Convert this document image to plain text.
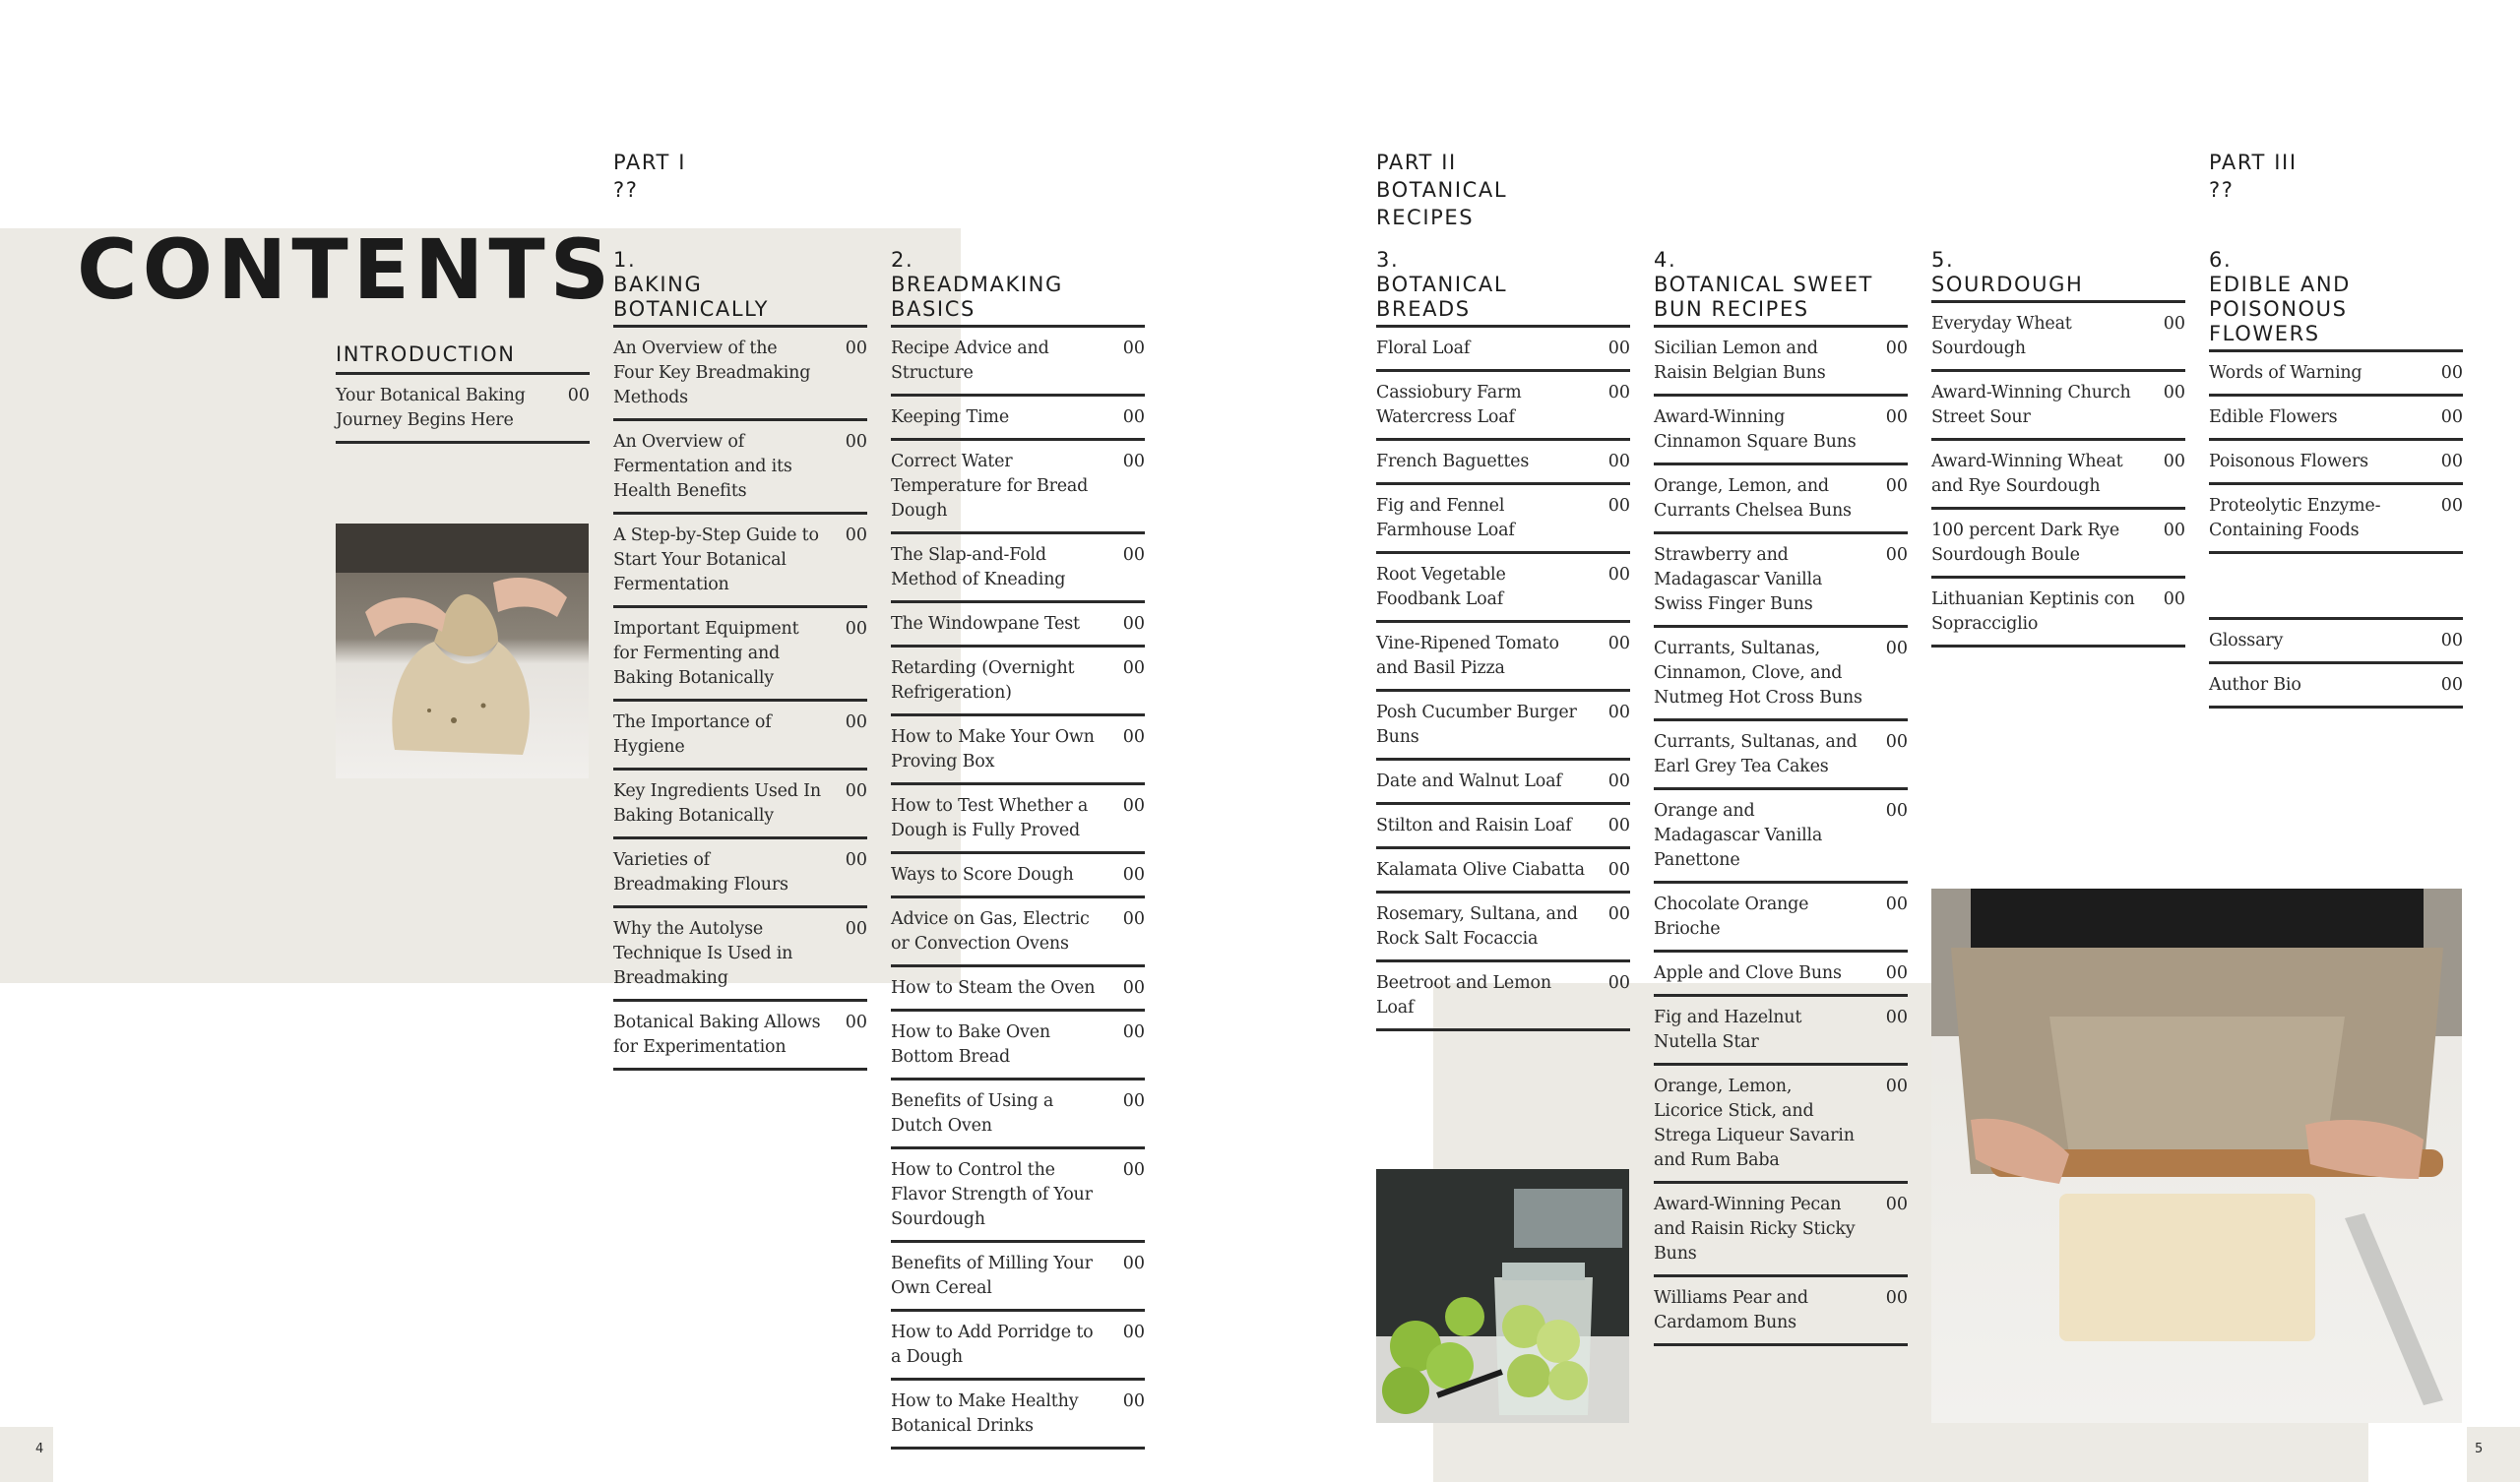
PART I
??
PART II
BOTANICAL
RECIPES
PART III
??
CONTENTS
INTRODUCTION
Your Botanical Baking Journey Begins Here
00
1.
BAKING BOTANICALLY
An Overview of the Four Key Breadmaking Methods
00
An Overview of Fermentation and its Health Benefits
00
A Step-by-Step Guide to Start Your Botanical Fermentation
00
Important Equipment for Fermenting and Baking Botanically
00
The Importance of Hygiene
00
Key Ingredients Used In Baking Botanically
00
Varieties of Breadmaking Flours
00
Why the Autolyse Technique Is Used in Breadmaking
00
Botanical Baking Allows for Experimentation
00
2.
BREADMAKING BASICS
Recipe Advice and Structure
00
Keeping Time	00
Correct Water Temperature for Bread Dough
00
The Slap-and-Fold Method of Kneading
00
The Windowpane Test	00
Retarding (Overnight Refrigeration)
00
How to Make Your Own Proving Box
00
How to Test Whether a Dough is Fully Proved
00
Ways to Score Dough	00
Advice on Gas, Electric or Convection Ovens
00
How to Steam the Oven	00
How to Bake Oven Bottom Bread
00
Benefits of Using a Dutch Oven
00
How to Control the Flavor Strength of Your Sourdough
00
Benefits of Milling Your Own Cereal
00
How to Add Porridge to a Dough
00
How to Make Healthy Botanical Drinks
00
3.
BOTANICAL BREADS
Floral Loaf	00
Cassiobury Farm Watercress Loaf
00
French Baguettes	00
Fig and Fennel Farmhouse Loaf
00
Root Vegetable Foodbank Loaf
00
Vine-Ripened Tomato and Basil Pizza
00
Posh Cucumber Burger Buns
00
Date and Walnut Loaf	00
Stilton and Raisin Loaf	00
Kalamata Olive Ciabatta	00
Rosemary, Sultana, and Rock Salt Focaccia
00
Beetroot and Lemon Loaf
00
4.
BOTANICAL SWEET BUN RECIPES
Sicilian Lemon and Raisin Belgian Buns
00
Award-Winning Cinnamon Square Buns
00
Orange, Lemon, and Currants Chelsea Buns
00
Strawberry and Madagascar Vanilla Swiss Finger Buns
00
Currants, Sultanas, Cinnamon, Clove, and Nutmeg Hot Cross Buns
00
Currants, Sultanas, and Earl Grey Tea Cakes
00
Orange and Madagascar Vanilla Panettone
00
Chocolate Orange Brioche
00
Apple and Clove Buns	00
Fig and Hazelnut Nutella Star
00
Orange, Lemon, Licorice Stick, and Strega Liqueur Savarin and Rum Baba
00
Award-Winning Pecan and Raisin Ricky Sticky Buns
00
Williams Pear and Cardamom Buns
00
5.
SOURDOUGH
Everyday Wheat Sourdough
00
Award-Winning Church Street Sour
00
Award-Winning Wheat and Rye Sourdough
00
100 percent Dark Rye Sourdough Boule
00
Lithuanian Keptinis con Sopracciglio
00
6.
EDIBLE AND POISONOUS FLOWERS
Words of Warning	00
Edible Flowers	00
Poisonous Flowers	00
Proteolytic Enzyme-Containing Foods
00
Glossary	00
Author Bio	00
4	5
